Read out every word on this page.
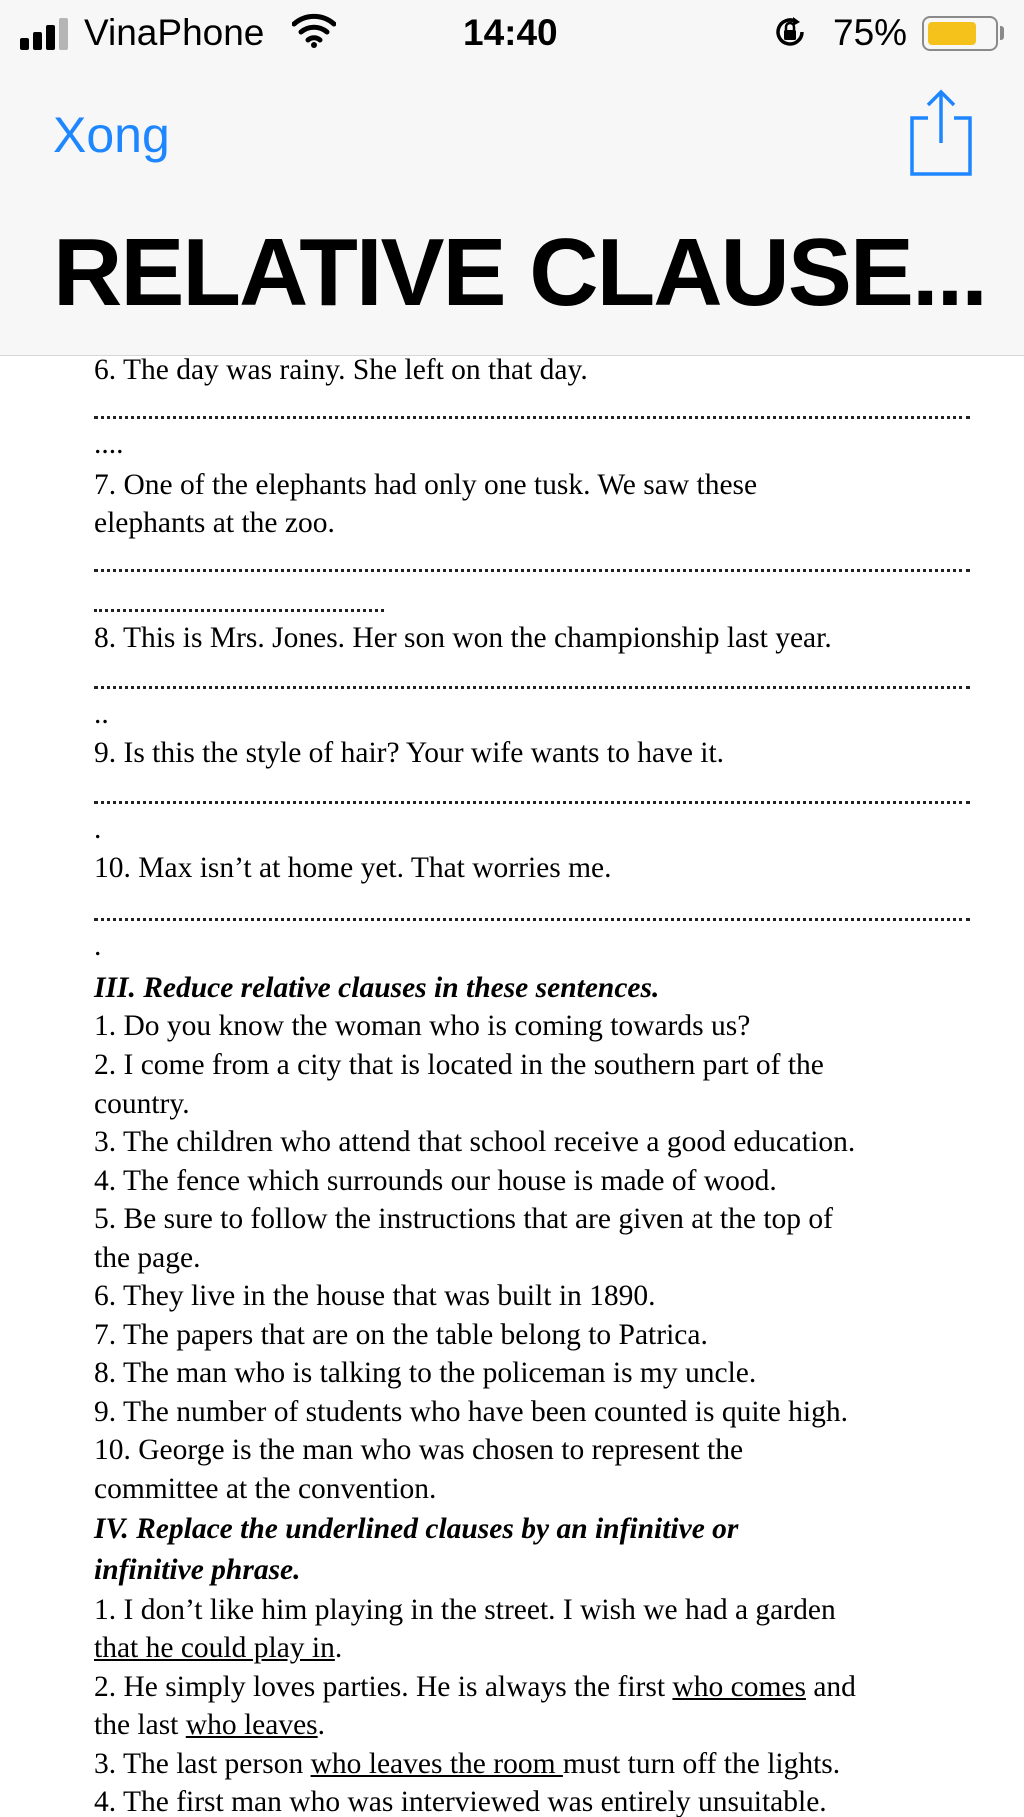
VinaPhone	14:40	75%
Xong
RELATIVE CLAUSE...
6. The day was rainy. She left on that day.
....
7. One of the elephants had only one tusk. We saw these
elephants at the zoo.
8. This is Mrs. Jones. Her son won the championship last year.
..
9. Is this the style of hair? Your wife wants to have it.
.
10. Max isn’t at home yet. That worries me.
.
III. Reduce relative clauses in these sentences.
1. Do you know the woman who is coming towards us?
2. I come from a city that is located in the southern part of the
country.
3. The children who attend that school receive a good education.
4. The fence which surrounds our house is made of wood.
5. Be sure to follow the instructions that are given at the top of
the page.
6. They live in the house that was built in 1890.
7. The papers that are on the table belong to Patrica.
8. The man who is talking to the policeman is my uncle.
9. The number of students who have been counted is quite high.
10. George is the man who was chosen to represent the
committee at the convention.
IV. Replace the underlined clauses by an infinitive or
infinitive phrase.
1. I don’t like him playing in the street. I wish we had a garden
that he could play in.
2. He simply loves parties. He is always the first who comes and
the last who leaves.
3. The last person who leaves the room must turn off the lights.
4. The first man who was interviewed was entirely unsuitable.
